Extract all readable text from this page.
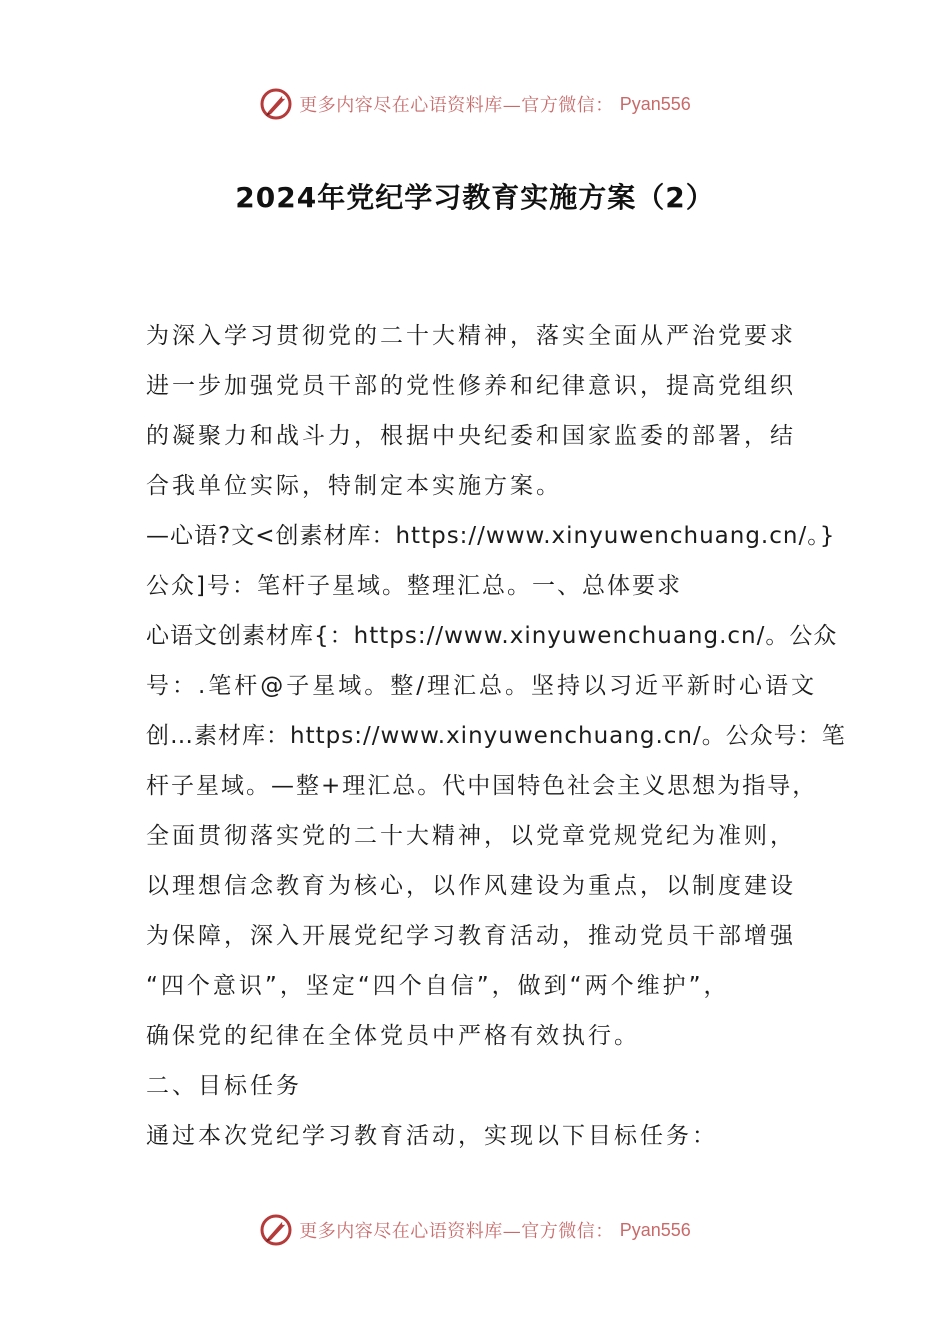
更多内容尽在心语资料库—官方微信： Pyan556
2024年党纪学习教育实施方案（2）

为深入学习贯彻党的二十大精神，落实全面从严治党要求

进一步加强党员干部的党性修养和纪律意识，提高党组织

的凝聚力和战斗力，根据中央纪委和国家监委的部署，结

合我单位实际，特制定本实施方案。

—心语?文<创素材库：https://www.xinyuwenchuang.cn/。}

公众]号：笔杆子星域。整理汇总。一、总体要求

心语文创素材库{：https://www.xinyuwenchuang.cn/。公众

号：.笔杆@子星域。整/理汇总。坚持以习近平新时心语文

创…素材库：https://www.xinyuwenchuang.cn/。公众号：笔

杆子星域。—整+理汇总。代中国特色社会主义思想为指导，

全面贯彻落实党的二十大精神，以党章党规党纪为准则，

以理想信念教育为核心，以作风建设为重点，以制度建设

为保障，深入开展党纪学习教育活动，推动党员干部增强

“四个意识”，坚定“四个自信”，做到“两个维护”，

确保党的纪律在全体党员中严格有效执行。

二、目标任务

通过本次党纪学习教育活动，实现以下目标任务：

更多内容尽在心语资料库—官方微信： Pyan556
